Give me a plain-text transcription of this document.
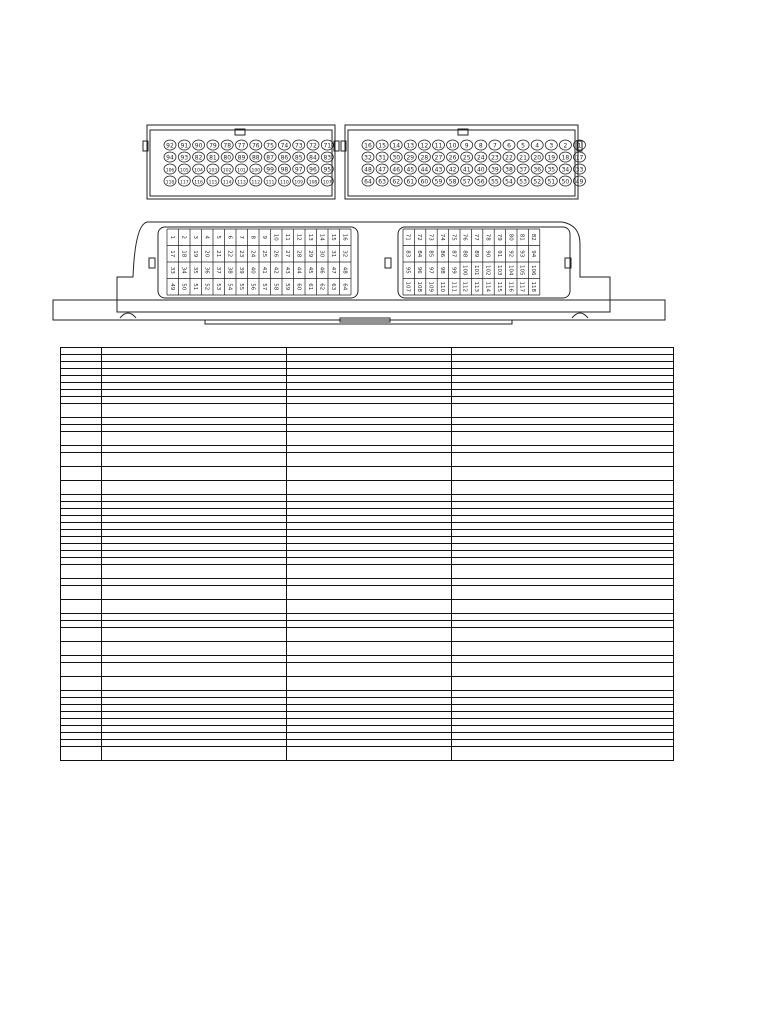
92 91 90 79 78 77 76 75 74 73 72 71
94 93 82 81 80 89 88 87 86 85 84 83
106 105 104 103 102 101 100 99 98 97 96 95
118 117 116 115 114 113 112 111 110 109 108 107
16 15 14 13 12 11 10 9 8 7 6 5 4 3 2 1
32 31 30 29 28 27 26 25 24 23 22 21 20 19 18 17
48 47 46 45 44 43 42 41 40 39 38 37 36 35 34 33
64 63 62 61 60 59 58 57 56 55 54 53 52 51 50 49
1 2 3 4 5 6 7 8 9 10 11 12 13 14 15 16
17 18 19 20 21 22 23 24 25 26 27 28 29 30 31 32
33 34 35 36 37 38 39 40 41 42 43 44 45 46 47 48
49 50 51 52 53 54 55 56 57 58 59 60 61 62 63 64
71 72 73 74 75 76 77 78 79 80 81 82
83 84 85 86 87 88 89 90 91 92 93 94
95 96 97 98 99 100 101 102 103 104 105 106
107 108 109 110 111 112 113 114 115 116 117 118
